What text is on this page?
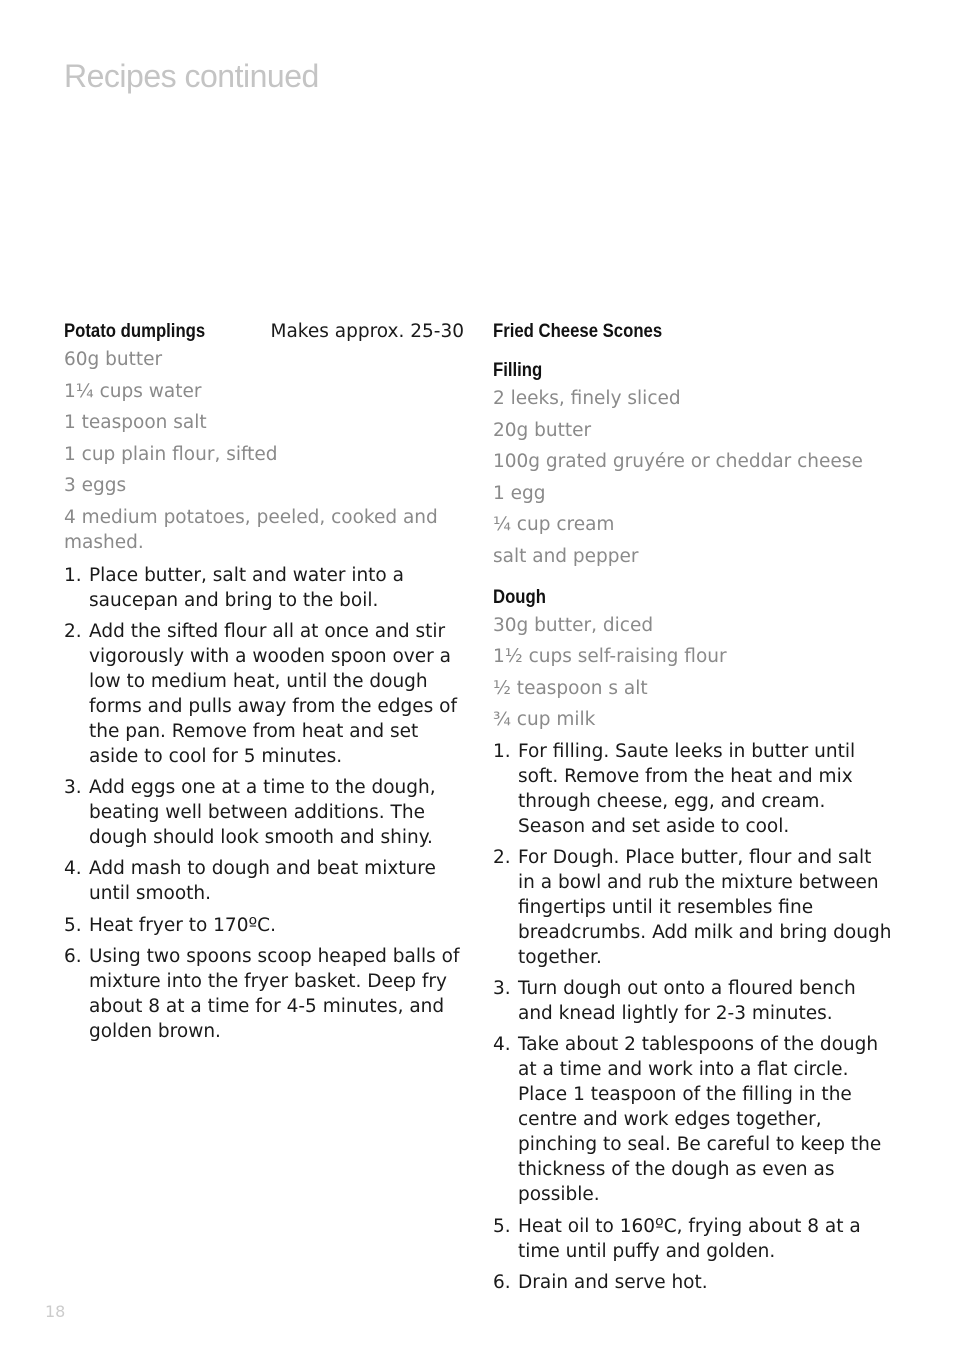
Recipes continued
Potato dumplings	Makes approx. 25-30
60g butter
1¼ cups water
1 teaspoon salt
1 cup plain flour, sifted
3 eggs
4 medium potatoes, peeled, cooked and mashed.
1. Place butter, salt and water into a saucepan and bring to the boil.
2. Add the sifted flour all at once and stir vigorously with a wooden spoon over a low to medium heat, until the dough forms and pulls away from the edges of the pan. Remove from heat and set aside to cool for 5 minutes.
3. Add eggs one at a time to the dough, beating well between additions. The dough should look smooth and shiny.
4. Add mash to dough and beat mixture until smooth.
5. Heat fryer to 170ºC.
6. Using two spoons scoop heaped balls of mixture into the fryer basket. Deep fry about 8 at a time for 4-5 minutes, and golden brown.
Fried Cheese Scones
Filling
2 leeks, finely sliced
20g butter
100g grated gruyére or cheddar cheese
1 egg
¼ cup cream
salt and pepper
Dough
30g butter, diced
1½ cups self-raising flour
½ teaspoon s alt
¾ cup milk
1. For filling. Saute leeks in butter until soft. Remove from the heat and mix through cheese, egg, and cream. Season and set aside to cool.
2. For Dough. Place butter, flour and salt in a bowl and rub the mixture between fingertips until it resembles fine breadcrumbs. Add milk and bring dough together.
3. Turn dough out onto a floured bench and knead lightly for 2-3 minutes.
4. Take about 2 tablespoons of the dough at a time and work into a flat circle. Place 1 teaspoon of the filling in the centre and work edges together, pinching to seal. Be careful to keep the thickness of the dough as even as possible.
5. Heat oil to 160ºC, frying about 8 at a time until puffy and golden.
6. Drain and serve hot.
18
